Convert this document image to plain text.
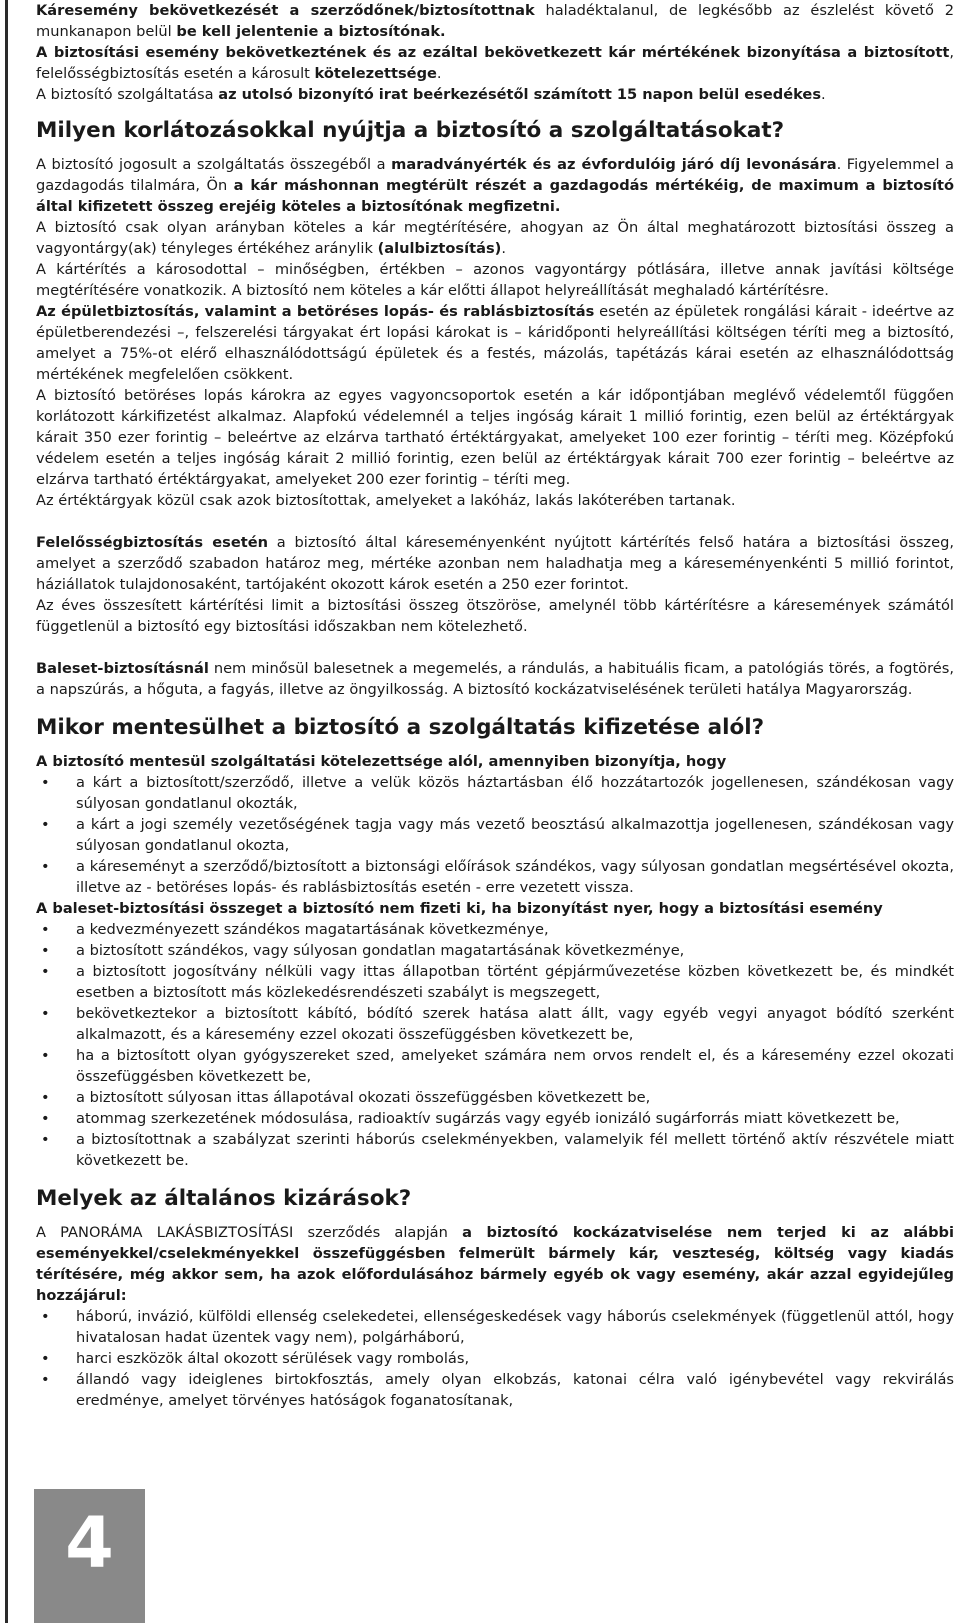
Káresemény bekövetkezését a szerződőnek/biztosítottnak haladéktalanul, de legkésőbb az észlelést követő 2 munkanapon belül be kell jelentenie a biztosítónak.

A biztosítási esemény bekövetkeztének és az ezáltal bekövetkezett kár mértékének bizonyítása a biztosított, felelősségbiztosítás esetén a károsult kötelezettsége.

A biztosító szolgáltatása az utolsó bizonyító irat beérkezésétől számított 15 napon belül esedékes.

Milyen korlátozásokkal nyújtja a biztosító a szolgáltatásokat?

A biztosító jogosult a szolgáltatás összegéből a maradványérték és az évfordulóig járó díj levonására. Figyelemmel a gazdagodás tilalmára, Ön a kár máshonnan megtérült részét a gazdagodás mértékéig, de maximum a biztosító által kifizetett összeg erejéig köteles a biztosítónak megfizetni.

A biztosító csak olyan arányban köteles a kár megtérítésére, ahogyan az Ön által meghatározott biztosítási összeg a vagyontárgy(ak) tényleges értékéhez aránylik (alulbiztosítás).

A kártérítés a károsodottal – minőségben, értékben – azonos vagyontárgy pótlására, illetve annak javítási költsége megtérítésére vonatkozik. A biztosító nem köteles a kár előtti állapot helyreállítását meghaladó kártérítésre.

Az épületbiztosítás, valamint a betöréses lopás- és rablásbiztosítás esetén az épületek rongálási kárait - ideértve az épületberendezési –, felszerelési tárgyakat ért lopási károkat is – káridőponti helyreállítási költségen téríti meg a biztosító, amelyet a 75%-ot elérő elhasználódottságú épületek és a festés, mázolás, tapétázás kárai esetén az elhasználódottság mértékének megfelelően csökkent.

A biztosító betöréses lopás károkra az egyes vagyoncsoportok esetén a kár időpontjában meglévő védelemtől függően korlátozott kárkifizetést alkalmaz. Alapfokú védelemnél a teljes ingóság kárait 1 millió forintig, ezen belül az értéktárgyak kárait 350 ezer forintig – beleértve az elzárva tartható értéktárgyakat, amelyeket 100 ezer forintig – téríti meg. Középfokú védelem esetén a teljes ingóság kárait 2 millió forintig, ezen belül az értéktárgyak kárait 700 ezer forintig – beleértve az elzárva tartható értéktárgyakat, amelyeket 200 ezer forintig – téríti meg.

Az értéktárgyak közül csak azok biztosítottak, amelyeket a lakóház, lakás lakóterében tartanak.

Felelősségbiztosítás esetén a biztosító által káreseményenként nyújtott kártérítés felső határa a biztosítási összeg, amelyet a szerződő szabadon határoz meg, mértéke azonban nem haladhatja meg a káreseményenkénti 5 millió forintot, háziállatok tulajdonosaként, tartójaként okozott károk esetén a 250 ezer forintot.

Az éves összesített kártérítési limit a biztosítási összeg ötszöröse, amelynél több kártérítésre a káresemények számától függetlenül a biztosító egy biztosítási időszakban nem kötelezhető.

Baleset-biztosításnál nem minősül balesetnek a megemelés, a rándulás, a habituális ficam, a patológiás törés, a fogtörés, a napszúrás, a hőguta, a fagyás, illetve az öngyilkosság. A biztosító kockázatviselésének területi hatálya Magyarország.

Mikor mentesülhet a biztosító a szolgáltatás kifizetése alól?

A biztosító mentesül szolgáltatási kötelezettsége alól, amennyiben bizonyítja, hogy

• a kárt a biztosított/szerződő, illetve a velük közös háztartásban élő hozzátartozók jogellenesen, szándékosan vagy súlyosan gondatlanul okozták,
• a kárt a jogi személy vezetőségének tagja vagy más vezető beosztású alkalmazottja jogellenesen, szándékosan vagy súlyosan gondatlanul okozta,
• a káreseményt a szerződő/biztosított a biztonsági előírások szándékos, vagy súlyosan gondatlan megsértésével okozta, illetve az - betöréses lopás- és rablásbiztosítás esetén - erre vezetett vissza.

A baleset-biztosítási összeget a biztosító nem fizeti ki, ha bizonyítást nyer, hogy a biztosítási esemény

• a kedvezményezett szándékos magatartásának következménye,
• a biztosított szándékos, vagy súlyosan gondatlan magatartásának következménye,
• a biztosított jogosítvány nélküli vagy ittas állapotban történt gépjárművezetése közben következett be, és mindkét esetben a biztosított más közlekedésrendészeti szabályt is megszegett,
• bekövetkeztekor a biztosított kábító, bódító szerek hatása alatt állt, vagy egyéb vegyi anyagot bódító szerként alkalmazott, és a káresemény ezzel okozati összefüggésben következett be,
• ha a biztosított olyan gyógyszereket szed, amelyeket számára nem orvos rendelt el, és a káresemény ezzel okozati összefüggésben következett be,
• a biztosított súlyosan ittas állapotával okozati összefüggésben következett be,
• atommag szerkezetének módosulása, radioaktív sugárzás vagy egyéb ionizáló sugárforrás miatt következett be,
• a biztosítottnak a szabályzat szerinti háborús cselekményekben, valamelyik fél mellett történő aktív részvétele miatt következett be.
Melyek az általános kizárások?

A PANORÁMA LAKÁSBIZTOSÍTÁSI szerződés alapján a biztosító kockázatviselése nem terjed ki az alábbi eseményekkel/cselekményekkel összefüggésben felmerült bármely kár, veszteség, költség vagy kiadás térítésére, még akkor sem, ha azok előfordulásához bármely egyéb ok vagy esemény, akár azzal egyidejűleg hozzájárul:

• háború, invázió, külföldi ellenség cselekedetei, ellenségeskedések vagy háborús cselekmények (függetlenül attól, hogy hivatalosan hadat üzentek vagy nem), polgárháború,
• harci eszközök által okozott sérülések vagy rombolás,
• állandó vagy ideiglenes birtokfosztás, amely olyan elkobzás, katonai célra való igénybevétel vagy rekvirálás eredménye, amelyet törvényes hatóságok foganatosítanak,
4
